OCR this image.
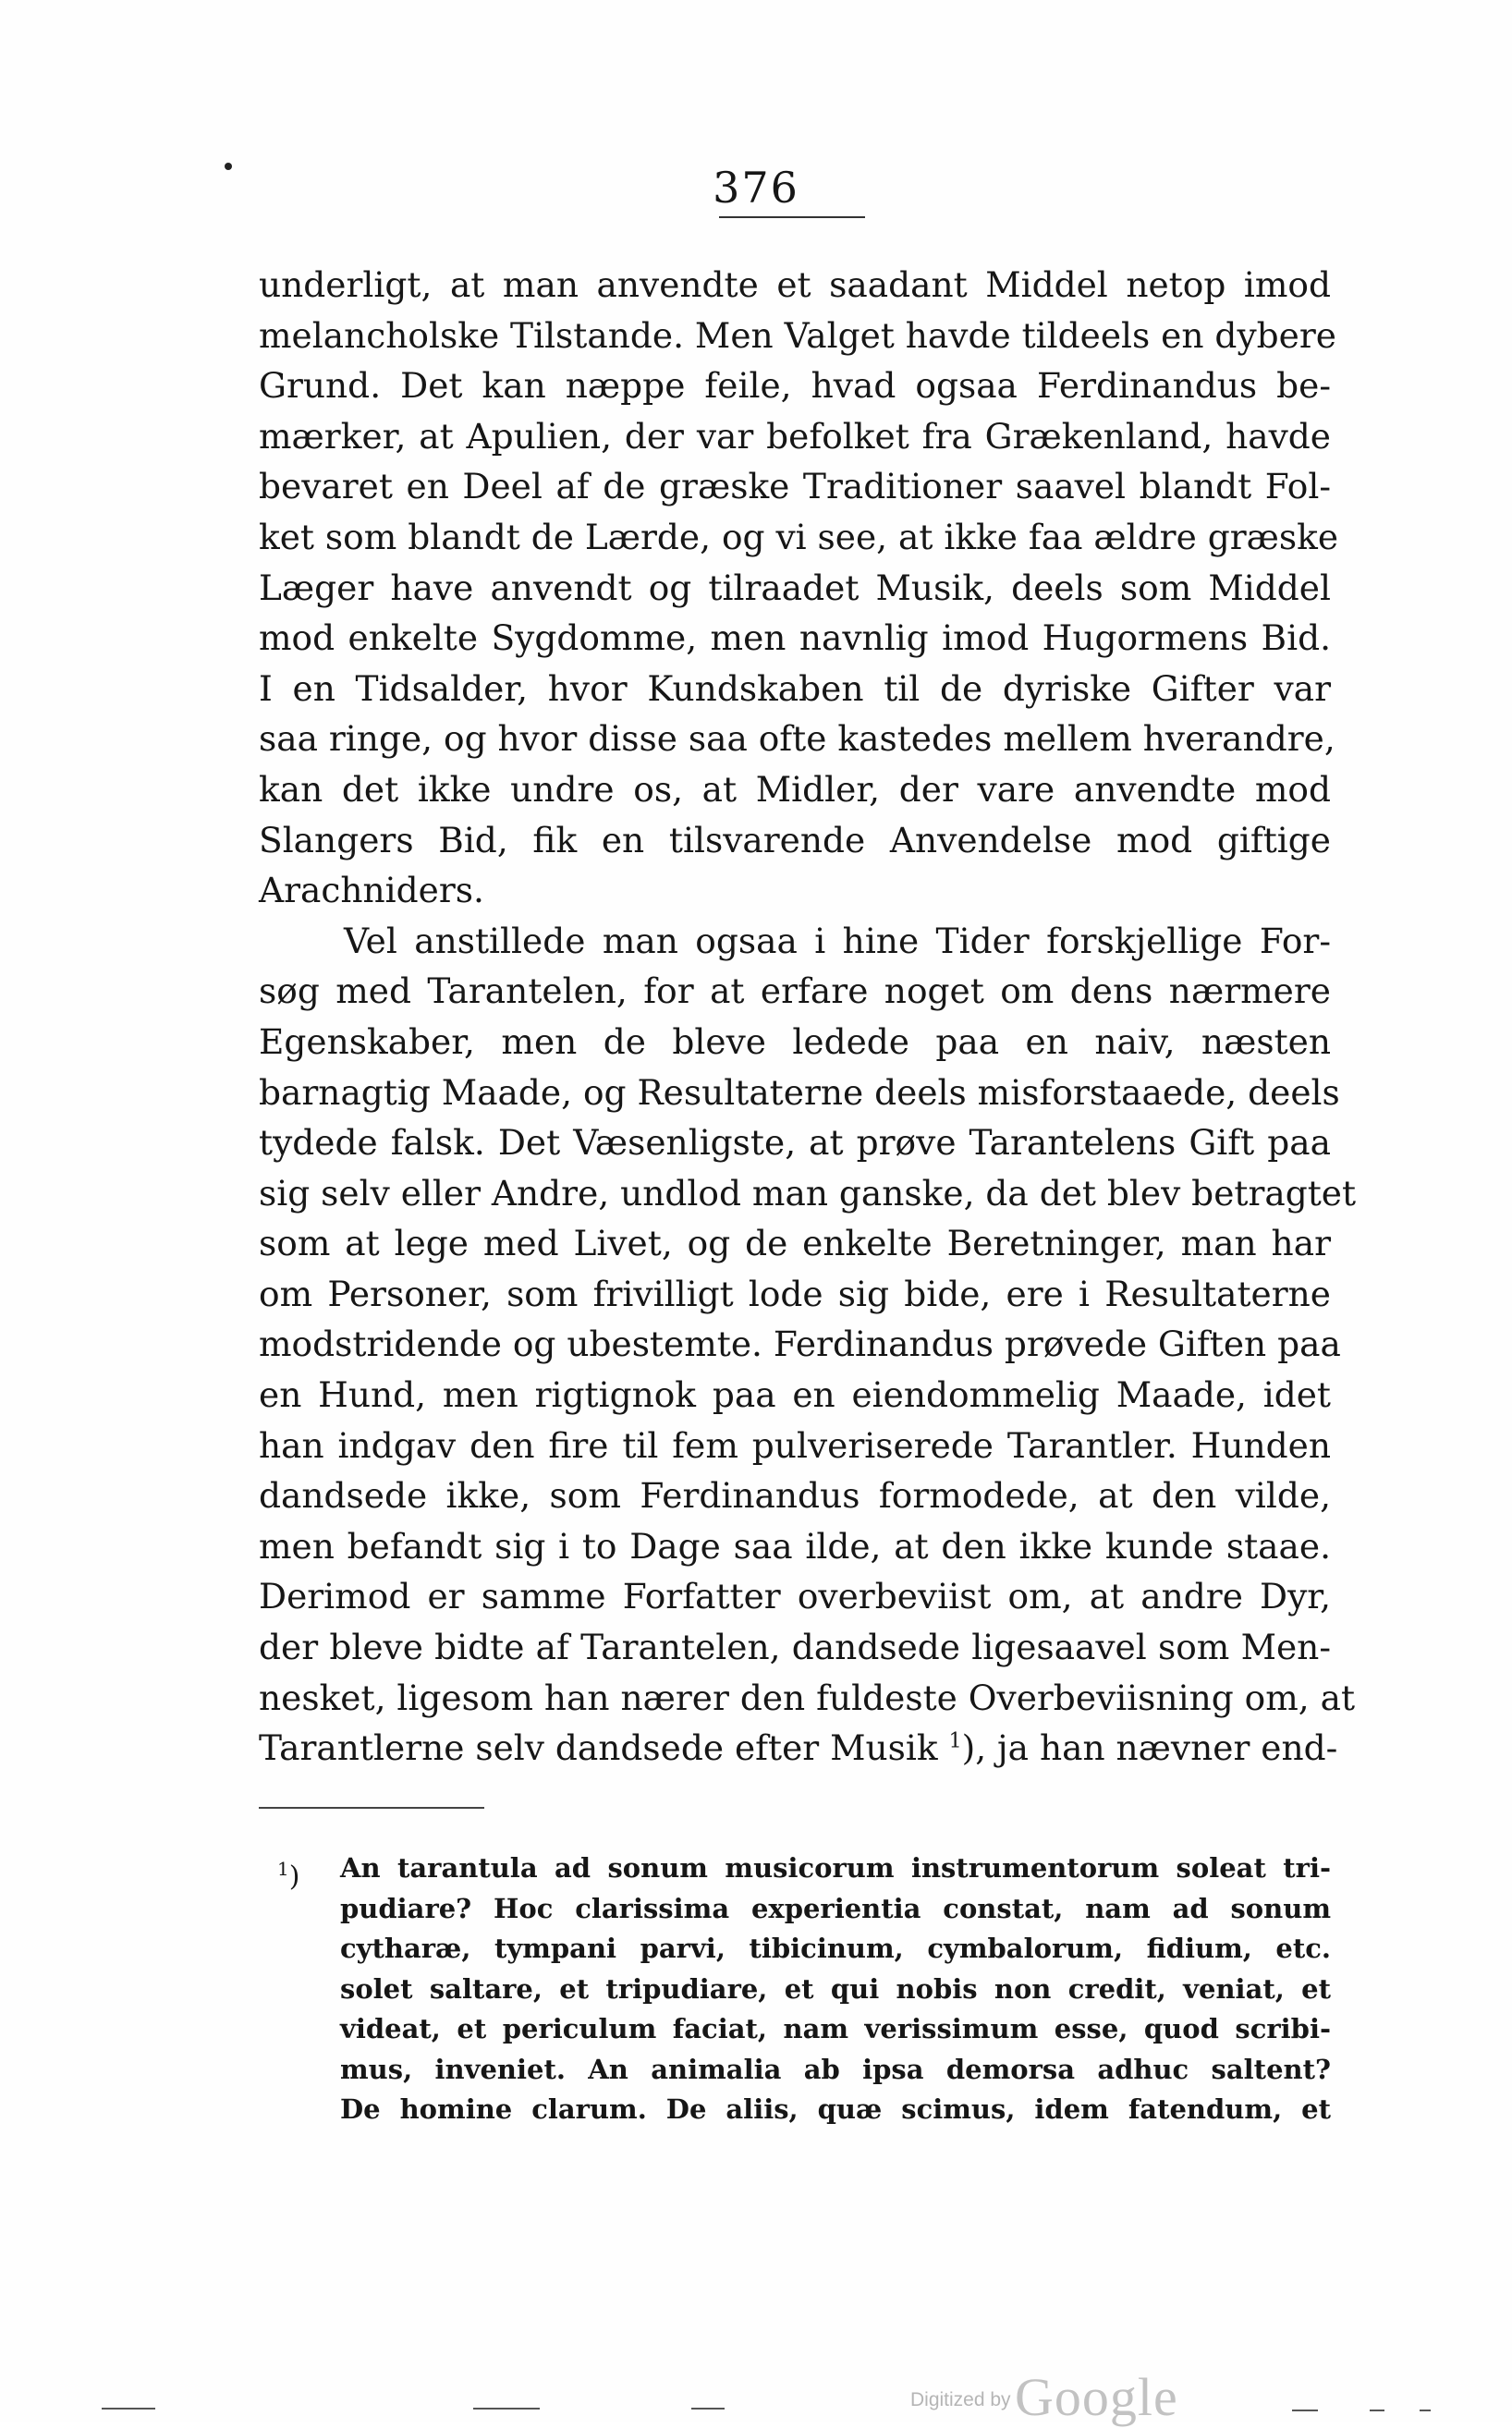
376
underligt, at man anvendte et saadant Middel netop imod
melancholske Tilstande. Men Valget havde tildeels en dybere
Grund. Det kan næppe feile, hvad ogsaa Ferdinandus be-
mærker, at Apulien, der var befolket fra Grækenland, havde
bevaret en Deel af de græske Traditioner saavel blandt Fol-
ket som blandt de Lærde, og vi see, at ikke faa ældre græske
Læger have anvendt og tilraadet Musik, deels som Middel
mod enkelte Sygdomme, men navnlig imod Hugormens Bid.
I en Tidsalder, hvor Kundskaben til de dyriske Gifter var
saa ringe, og hvor disse saa ofte kastedes mellem hverandre,
kan det ikke undre os, at Midler, der vare anvendte mod
Slangers Bid, fik en tilsvarende Anvendelse mod giftige
Arachniders.
Vel anstillede man ogsaa i hine Tider forskjellige For-
søg med Tarantelen, for at erfare noget om dens nærmere
Egenskaber, men de bleve ledede paa en naiv, næsten
barnagtig Maade, og Resultaterne deels misforstaaede, deels
tydede falsk. Det Væsenligste, at prøve Tarantelens Gift paa
sig selv eller Andre, undlod man ganske, da det blev betragtet
som at lege med Livet, og de enkelte Beretninger, man har
om Personer, som frivilligt lode sig bide, ere i Resultaterne
modstridende og ubestemte. Ferdinandus prøvede Giften paa
en Hund, men rigtignok paa en eiendommelig Maade, idet
han indgav den fire til fem pulveriserede Tarantler. Hunden
dandsede ikke, som Ferdinandus formodede, at den vilde,
men befandt sig i to Dage saa ilde, at den ikke kunde staae.
Derimod er samme Forfatter overbeviist om, at andre Dyr,
der bleve bidte af Tarantelen, dandsede ligesaavel som Men-
nesket, ligesom han nærer den fuldeste Overbeviisning om, at
Tarantlerne selv dandsede efter Musik $^1$), ja han nævner end-
$^1$) An tarantula ad sonum musicorum instrumentorum soleat tri-
pudiare? Hoc clarissima experientia constat, nam ad sonum
cytharæ, tympani parvi, tibicinum, cymbalorum, fidium, etc.
solet saltare, et tripudiare, et qui nobis non credit, veniat, et
videat, et periculum faciat, nam verissimum esse, quod scribi-
mus, inveniet. An animalia ab ipsa demorsa adhuc saltent?
De homine clarum. De aliis, quæ scimus, idem fatendum, et
Digitized by Google
